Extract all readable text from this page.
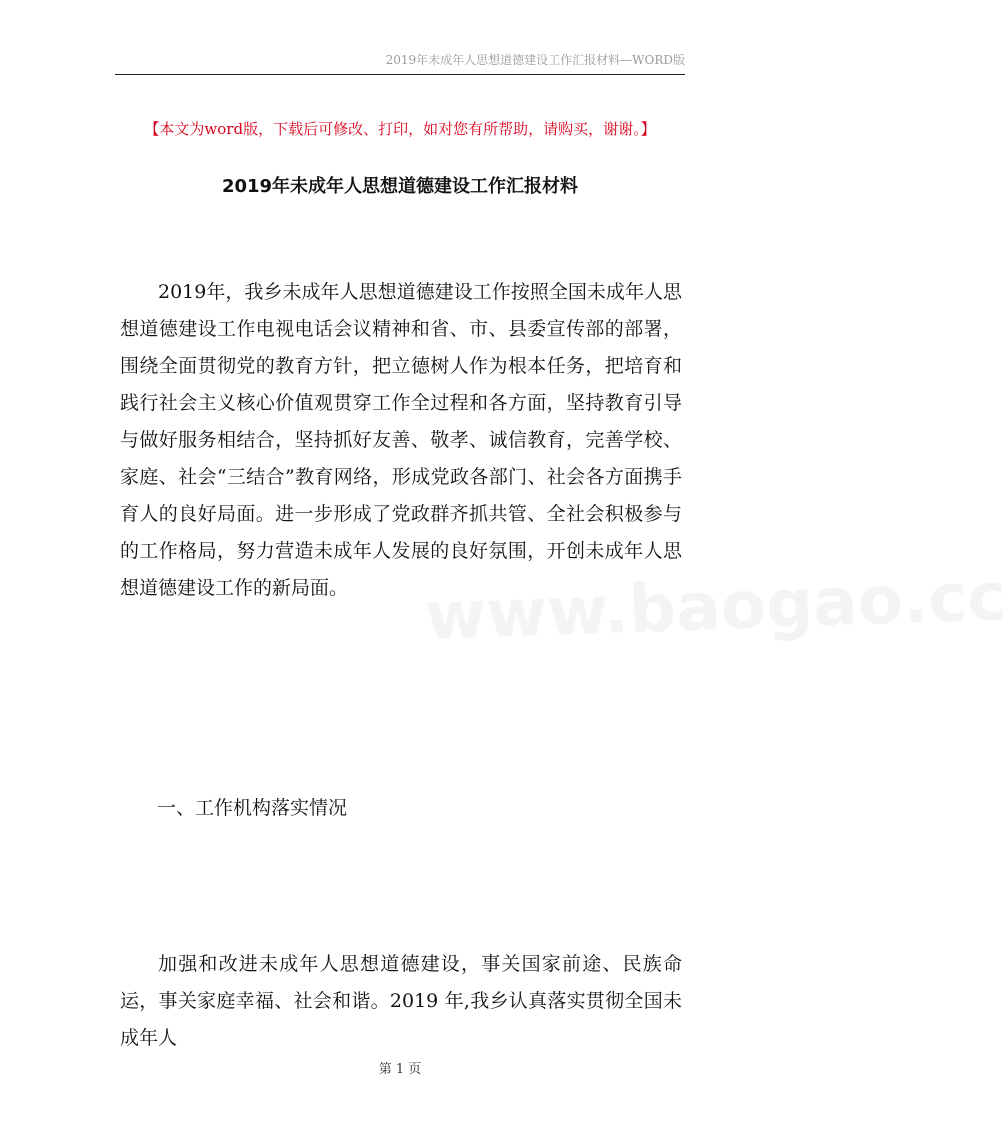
2019年未成年人思想道德建设工作汇报材料—WORD版
【本文为word版，下载后可修改、打印，如对您有所帮助，请购买，谢谢。】
2019年未成年人思想道德建设工作汇报材料

2019年，我乡未成年人思想道德建设工作按照全国未成年人思想道德建设工作电视电话会议精神和省、市、县委宣传部的部署，围绕全面贯彻党的教育方针，把立德树人作为根本任务，把培育和践行社会主义核心价值观贯穿工作全过程和各方面，坚持教育引导与做好服务相结合，坚持抓好友善、敬孝、诚信教育，完善学校、家庭、社会“三结合”教育网络，形成党政各部门、社会各方面携手育人的良好局面。进一步形成了党政群齐抓共管、全社会积极参与的工作格局，努力营造未成年人发展的良好氛围，开创未成年人思想道德建设工作的新局面。

一、工作机构落实情况

加强和改进未成年人思想道德建设，事关国家前途、民族命运，事关家庭幸福、社会和谐。2019 年,我乡认真落实贯彻全国未成年人

www.baogao.cc
第 1 页
